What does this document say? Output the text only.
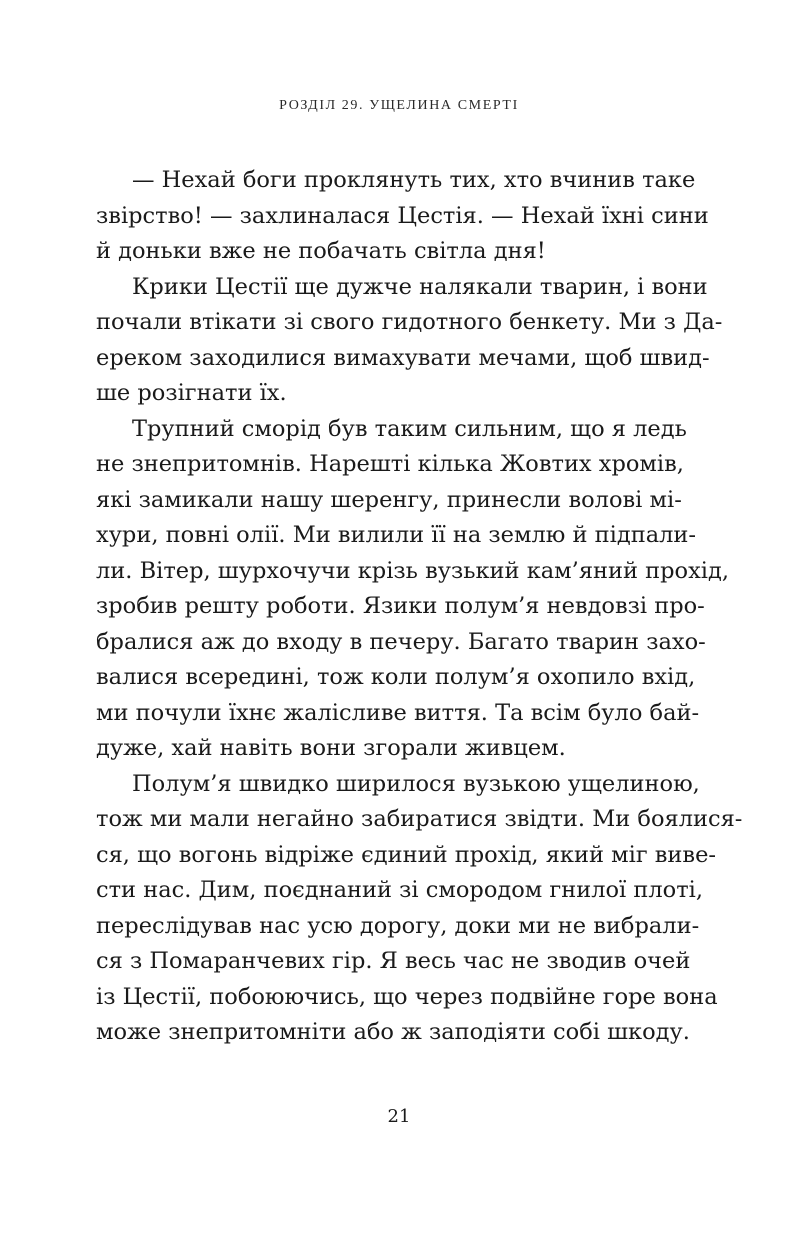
РОЗДІЛ 29. УЩЕЛИНА СМЕРТІ
— Нехай боги проклянуть тих, хто вчинив таке
звірство! — захлиналася Цестія. — Нехай їхні сини
й доньки вже не побачать світла дня!
Крики Цестії ще дужче налякали тварин, і вони
почали втікати зі свого гидотного бенкету. Ми з Да-
ереком заходилися вимахувати мечами, щоб швид-
ше розігнати їх.
Трупний сморід був таким сильним, що я ледь
не знепритомнів. Нарешті кілька Жовтих хромів,
які замикали нашу шеренгу, принесли волові мі-
хури, повні олії. Ми вилили її на землю й підпали-
ли. Вітер, шурхочучи крізь вузький кам’яний прохід,
зробив решту роботи. Язики полум’я невдовзі про-
бралися аж до входу в печеру. Багато тварин захо-
валися всередині, тож коли полум’я охопило вхід,
ми почули їхнє жалісливе виття. Та всім було бай-
дуже, хай навіть вони згорали живцем.
Полум’я швидко ширилося вузькою ущелиною,
тож ми мали негайно забиратися звідти. Ми боялися-
ся, що вогонь відріже єдиний прохід, який міг виве-
сти нас. Дим, поєднаний зі смородом гнилої плоті,
переслідував нас усю дорогу, доки ми не вибрали-
ся з Помаранчевих гір. Я весь час не зводив очей
із Цестії, побоюючись, що через подвійне горе вона
може знепритомніти або ж заподіяти собі шкоду.
21
